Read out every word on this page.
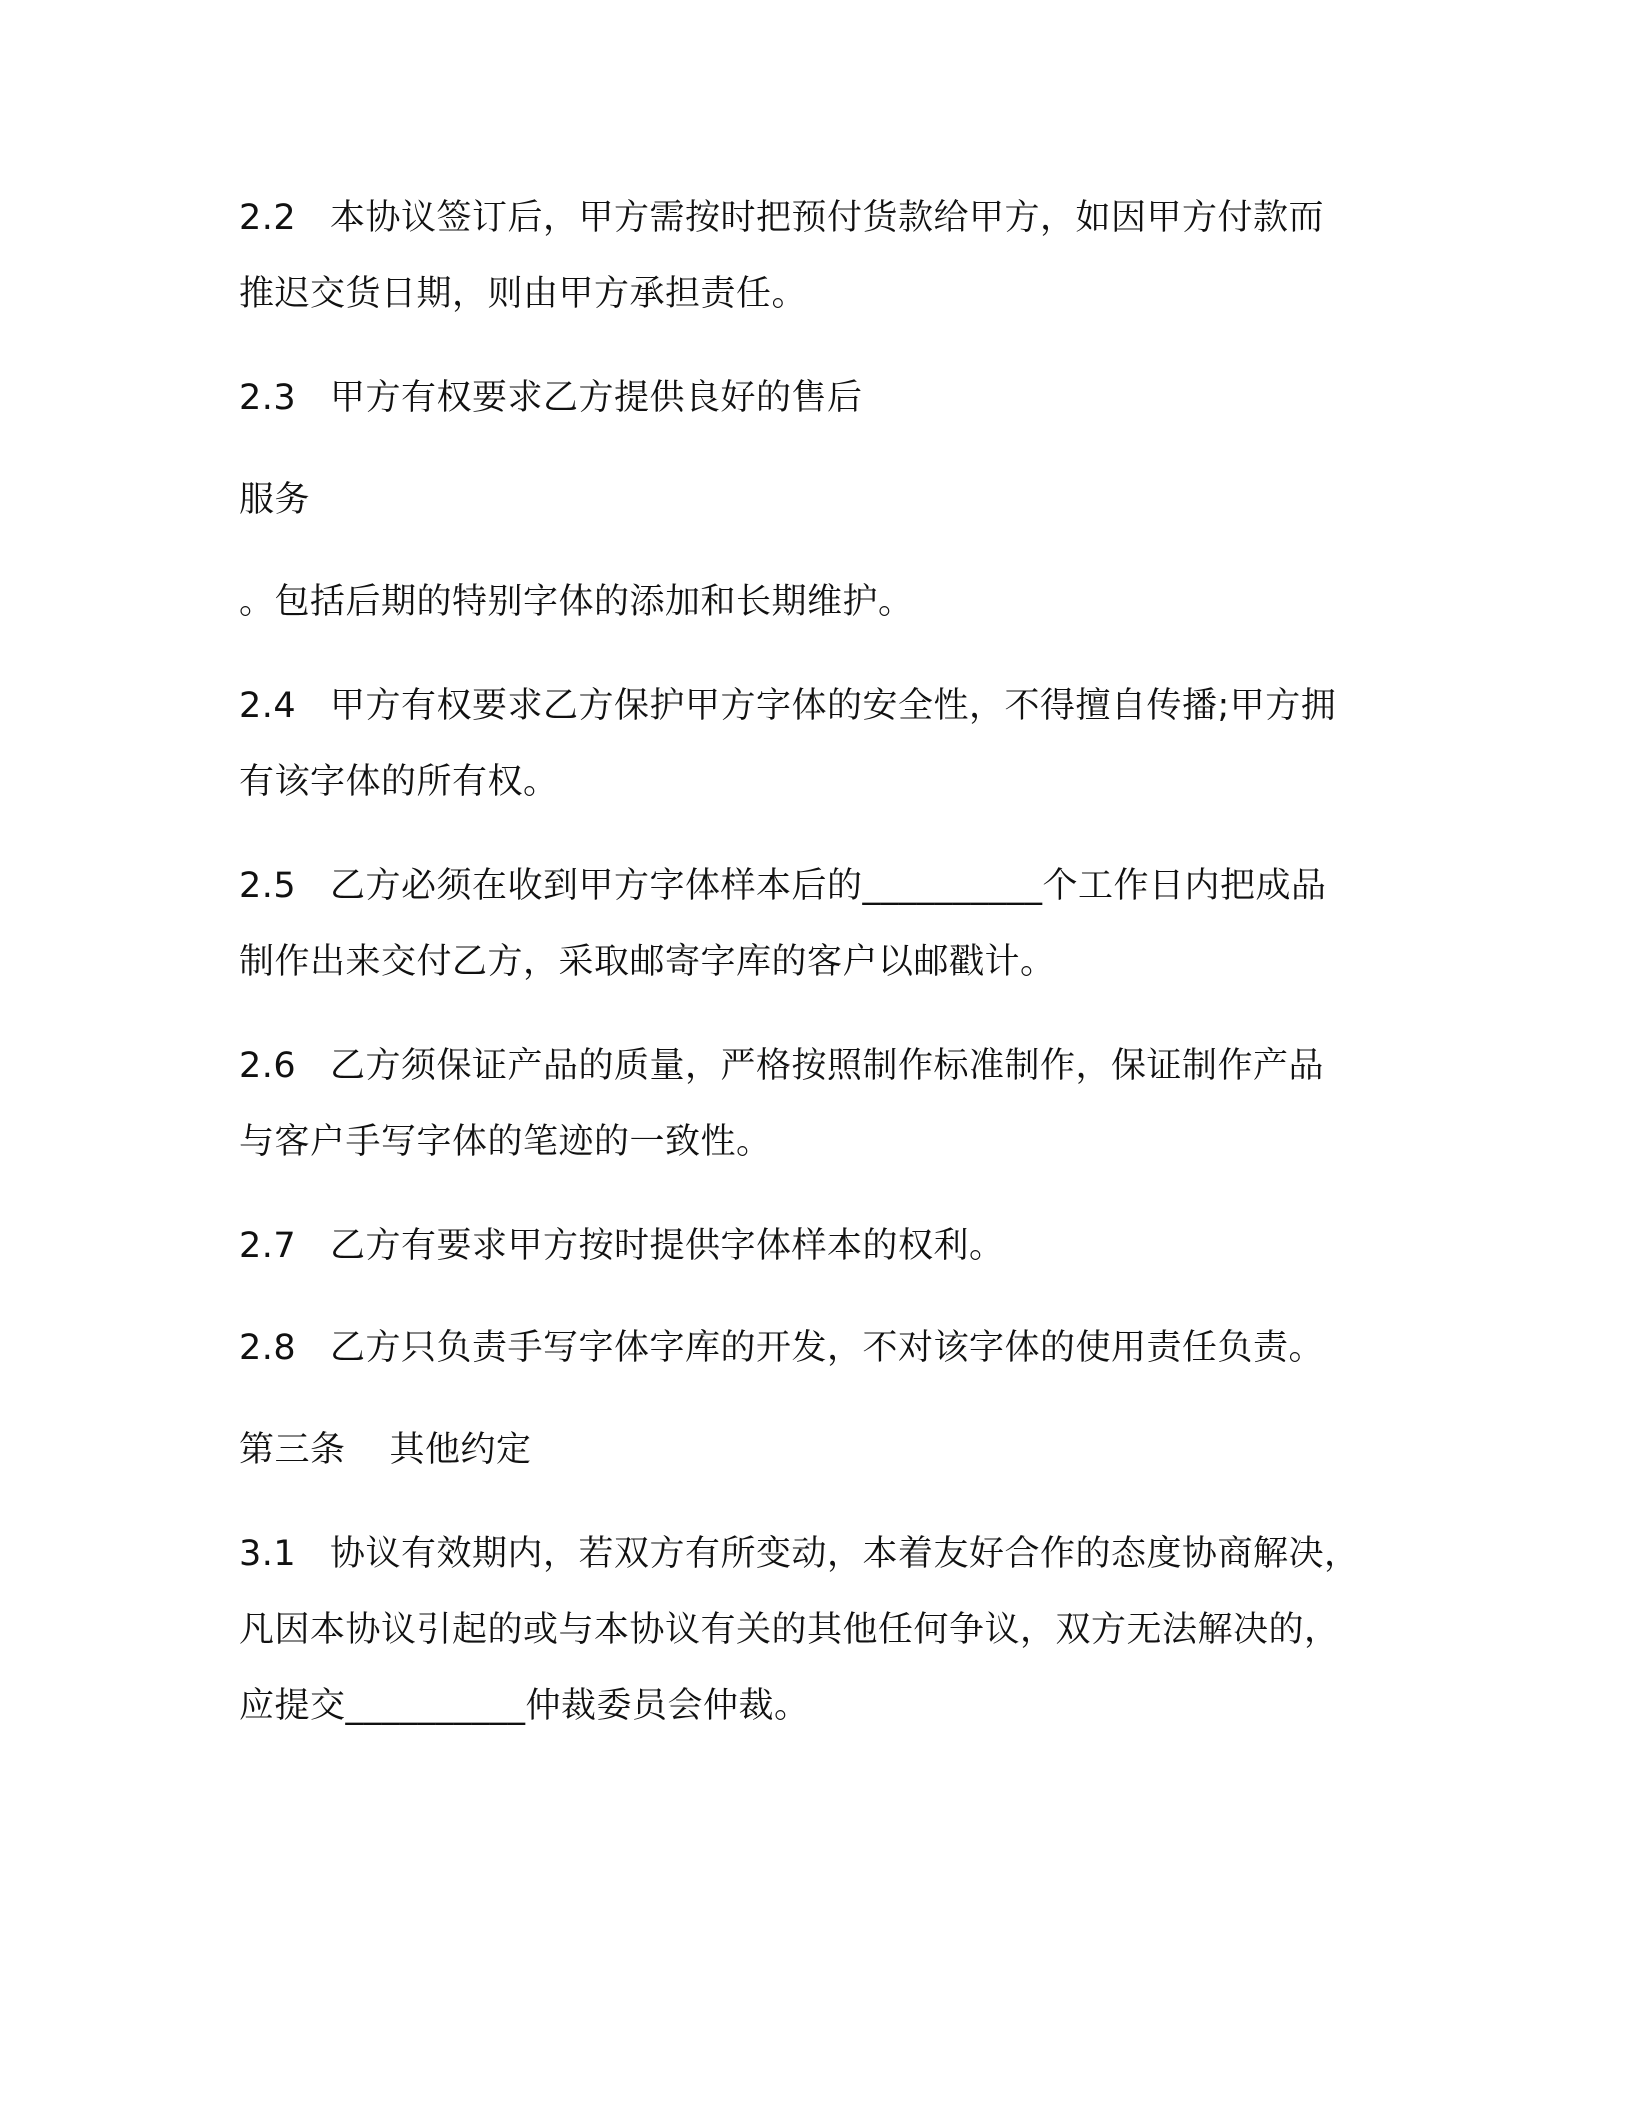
2.2 本协议签订后，甲方需按时把预付货款给甲方，如因甲方付款而
推迟交货日期，则由甲方承担责任。
2.3 甲方有权要求乙方提供良好的售后
服务
。包括后期的特别字体的添加和长期维护。
2.4 甲方有权要求乙方保护甲方字体的安全性，不得擅自传播;甲方拥
有该字体的所有权。
2.5 乙方必须在收到甲方字体样本后的__________个工作日内把成品
制作出来交付乙方，采取邮寄字库的客户以邮戳计。
2.6 乙方须保证产品的质量，严格按照制作标准制作，保证制作产品
与客户手写字体的笔迹的一致性。
2.7 乙方有要求甲方按时提供字体样本的权利。
2.8 乙方只负责手写字体字库的开发，不对该字体的使用责任负责。
第三条 其他约定
3.1 协议有效期内，若双方有所变动，本着友好合作的态度协商解决，
凡因本协议引起的或与本协议有关的其他任何争议，双方无法解决的，
应提交__________仲裁委员会仲裁。
